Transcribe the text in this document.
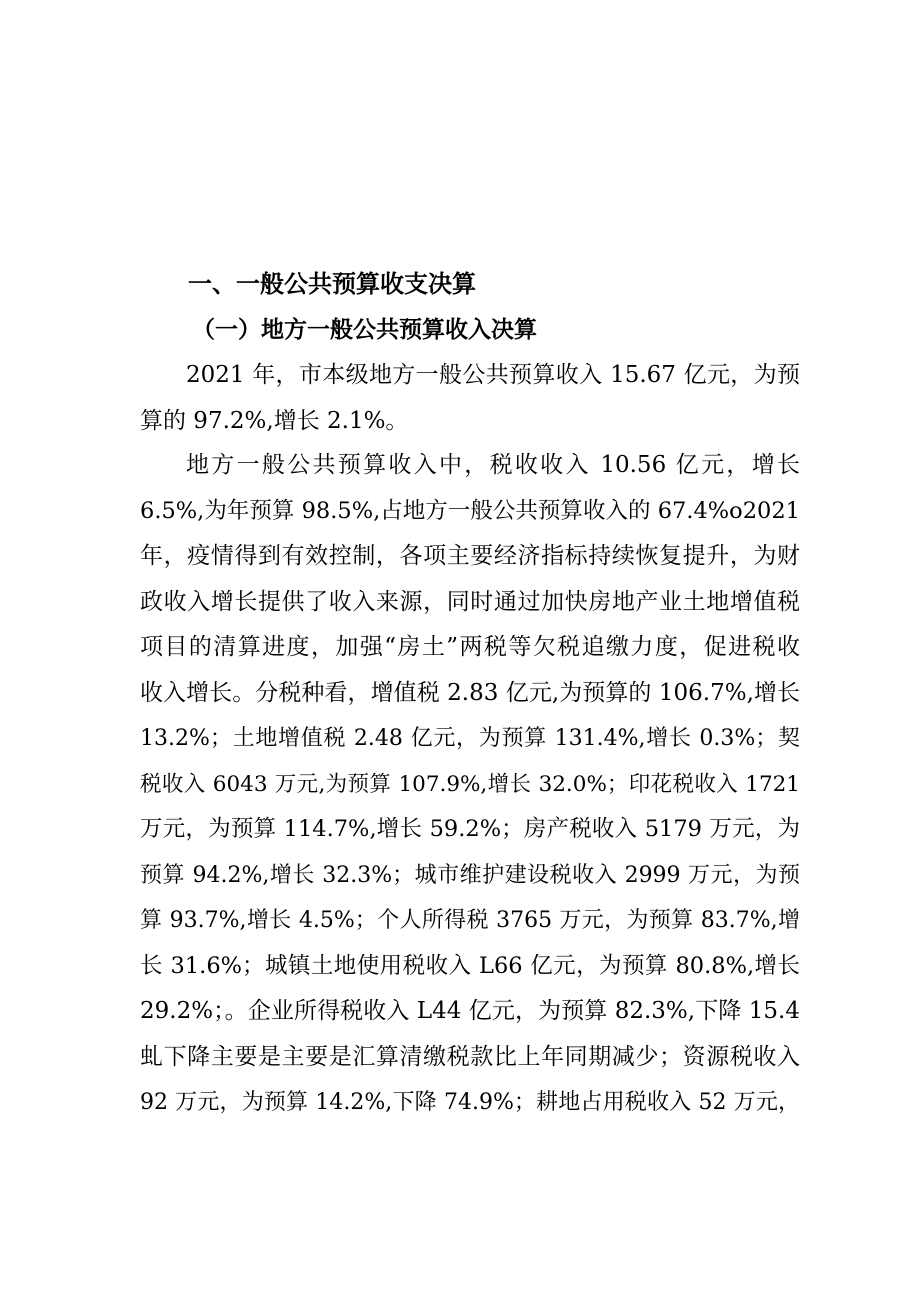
一、一般公共预算收支决算
（一）地方一般公共预算收入决算
2021 年，市本级地方一般公共预算收入 15.67 亿元，为预
算的 97.2%,增长 2.1%。
地方一般公共预算收入中，税收收入 10.56 亿元，增长
6.5%,为年预算 98.5%,占地方一般公共预算收入的 67.4%o2021
年，疫情得到有效控制，各项主要经济指标持续恢复提升，为财
政收入增长提供了收入来源，同时通过加快房地产业土地增值税
项目的清算进度，加强“房土”两税等欠税追缴力度，促进税收
收入增长。分税种看，增值税 2.83 亿元,为预算的 106.7%,增长
13.2%；土地增值税 2.48 亿元，为预算 131.4%,增长 0.3%；契
税收入 6043 万元,为预算 107.9%,增长 32.0%；印花税收入 1721
万元，为预算 114.7%,增长 59.2%；房产税收入 5179 万元，为
预算 94.2%,增长 32.3%；城市维护建设税收入 2999 万元，为预
算 93.7%,增长 4.5%；个人所得税 3765 万元，为预算 83.7%,增
长 31.6%；城镇土地使用税收入 L66 亿元，为预算 80.8%,增长
29.2%；。企业所得税收入 L44 亿元，为预算 82.3%,下降 15.4
虬下降主要是主要是汇算清缴税款比上年同期减少；资源税收入
92 万元，为预算 14.2%,下降 74.9%；耕地占用税收入 52 万元，
